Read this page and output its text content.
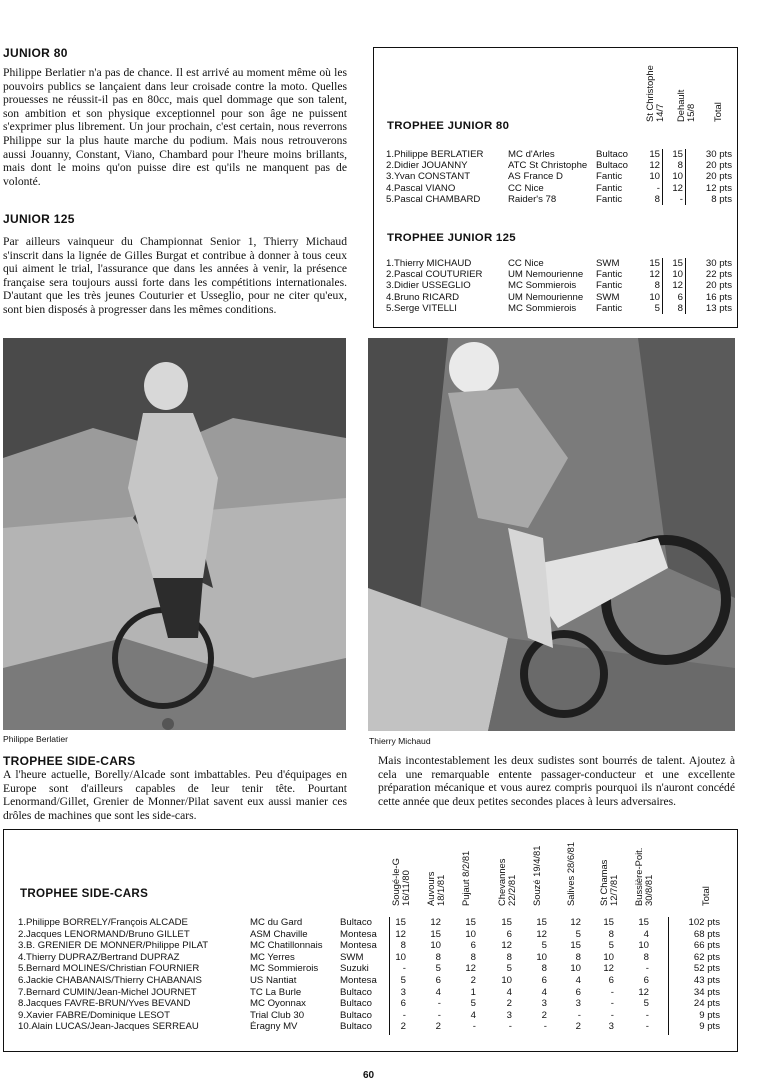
JUNIOR 80
Philippe Berlatier n'a pas de chance. Il est arrivé au moment même où les pouvoirs publics se lançaient dans leur croisade contre la moto. Quelles prouesses ne réussit-il pas en 80cc, mais quel dommage que son talent, son ambition et son physique exceptionnel pour son âge ne puissent s'exprimer plus librement. Un jour prochain, c'est certain, nous reverrons Philippe sur la plus haute marche du podium. Mais nous retrouverons aussi Jouanny, Constant, Viano, Chambard pour l'heure moins brillants, mais dont le moins qu'on puisse dire est qu'ils ne manquent pas de volonté.
JUNIOR 125
Par ailleurs vainqueur du Championnat Senior 1, Thierry Michaud s'inscrit dans la lignée de Gilles Burgat et contribue à donner à tous ceux qui aiment le trial, l'assurance que dans les années à venir, la présence française sera toujours aussi forte dans les compétitions internationales. D'autant que les très jeunes Couturier et Usseglio, pour ne citer qu'eux, sont bien disposés à progresser dans les mêmes conditions.
St Christophe 14/7 Dehault 15/8 Total
TROPHEE JUNIOR 80
1.Philippe BERLATIER	MC d'Arles	Bultaco	15	15	30 pts
2.Didier JOUANNY	ATC St Christophe	Bultaco	12	8	20 pts
3.Yvan CONSTANT	AS France D	Fantic	10	10	20 pts
4.Pascal VIANO	CC Nice	Fantic	-	12	12 pts
5.Pascal CHAMBARD	Raider's 78	Fantic	8	-	8 pts
TROPHEE JUNIOR 125
1.Thierry MICHAUD	CC Nice	SWM	15	15	30 pts
2.Pascal COUTURIER	UM Nemourienne	Fantic	12	10	22 pts
3.Didier USSEGLIO	MC Sommierois	Fantic	8	12	20 pts
4.Bruno RICARD	UM Nemourienne	SWM	10	6	16 pts
5.Serge VITELLI	MC Sommierois	Fantic	5	8	13 pts
Philippe Berlatier	Thierry Michaud
TROPHEE SIDE-CARS
A l'heure actuelle, Borelly/Alcade sont imbattables. Peu d'équipages en Europe sont d'ailleurs capables de leur tenir tête. Pourtant Lenormand/Gillet, Grenier de Monner/Pilat savent eux aussi manier ces drôles de machines que sont les side-cars.
Mais incontestablement les deux sudistes sont bourrés de talent. Ajoutez à cela une remarquable entente passager-conducteur et une excellente préparation mécanique et vous aurez compris pourquoi ils n'auront concédé cette année que deux petites secondes places à leurs adversaires.
Sougé-le-G 16/11/80 Auvours 18/1/81 Pujaut 8/2/81	Chevannes 22/2/81 Souzé 19/4/81 Salives 28/6/81 St Chamas 12/7/81 Bussière-Poit. 30/8/81	Total
TROPHEE SIDE-CARS
1.Philippe BORRELY/François ALCADE	MC du Gard	Bultaco	15	12	15	15	15	12	15	15	102 pts
2.Jacques LENORMAND/Bruno GILLET	ASM Chaville	Montesa	12	15	10	6	12	5	8	4	68 pts
3.B. GRENIER DE MONNER/Philippe PILAT	MC Chatillonnais	Montesa	8	10	6	12	5	15	5	10	66 pts
4.Thierry DUPRAZ/Bertrand DUPRAZ	MC Yerres	SWM	10	8	8	8	10	8	10	8	62 pts
5.Bernard MOLINES/Christian FOURNIER	MC Sommierois	Suzuki	-	5	12	5	8	10	12	-	52 pts
6.Jackie CHABANAIS/Thierry CHABANAIS	US Nantiat	Montesa	5	6	2	10	6	4	6	6	43 pts
7.Bernard CUMIN/Jean-Michel JOURNET	TC La Burle	Bultaco	3	4	1	4	4	6	-	12	34 pts
8.Jacques FAVRE-BRUN/Yves BEVAND	MC Oyonnax	Bultaco	6	-	5	2	3	3	-	5	24 pts
9.Xavier FABRE/Dominique LESOT	Trial Club 30	Bultaco	-	-	4	3	2	-	-	-	9 pts
10.Alain LUCAS/Jean-Jacques SERREAU	Ėragny MV	Bultaco	2	2	-	-	-	2	3	-	9 pts
60
